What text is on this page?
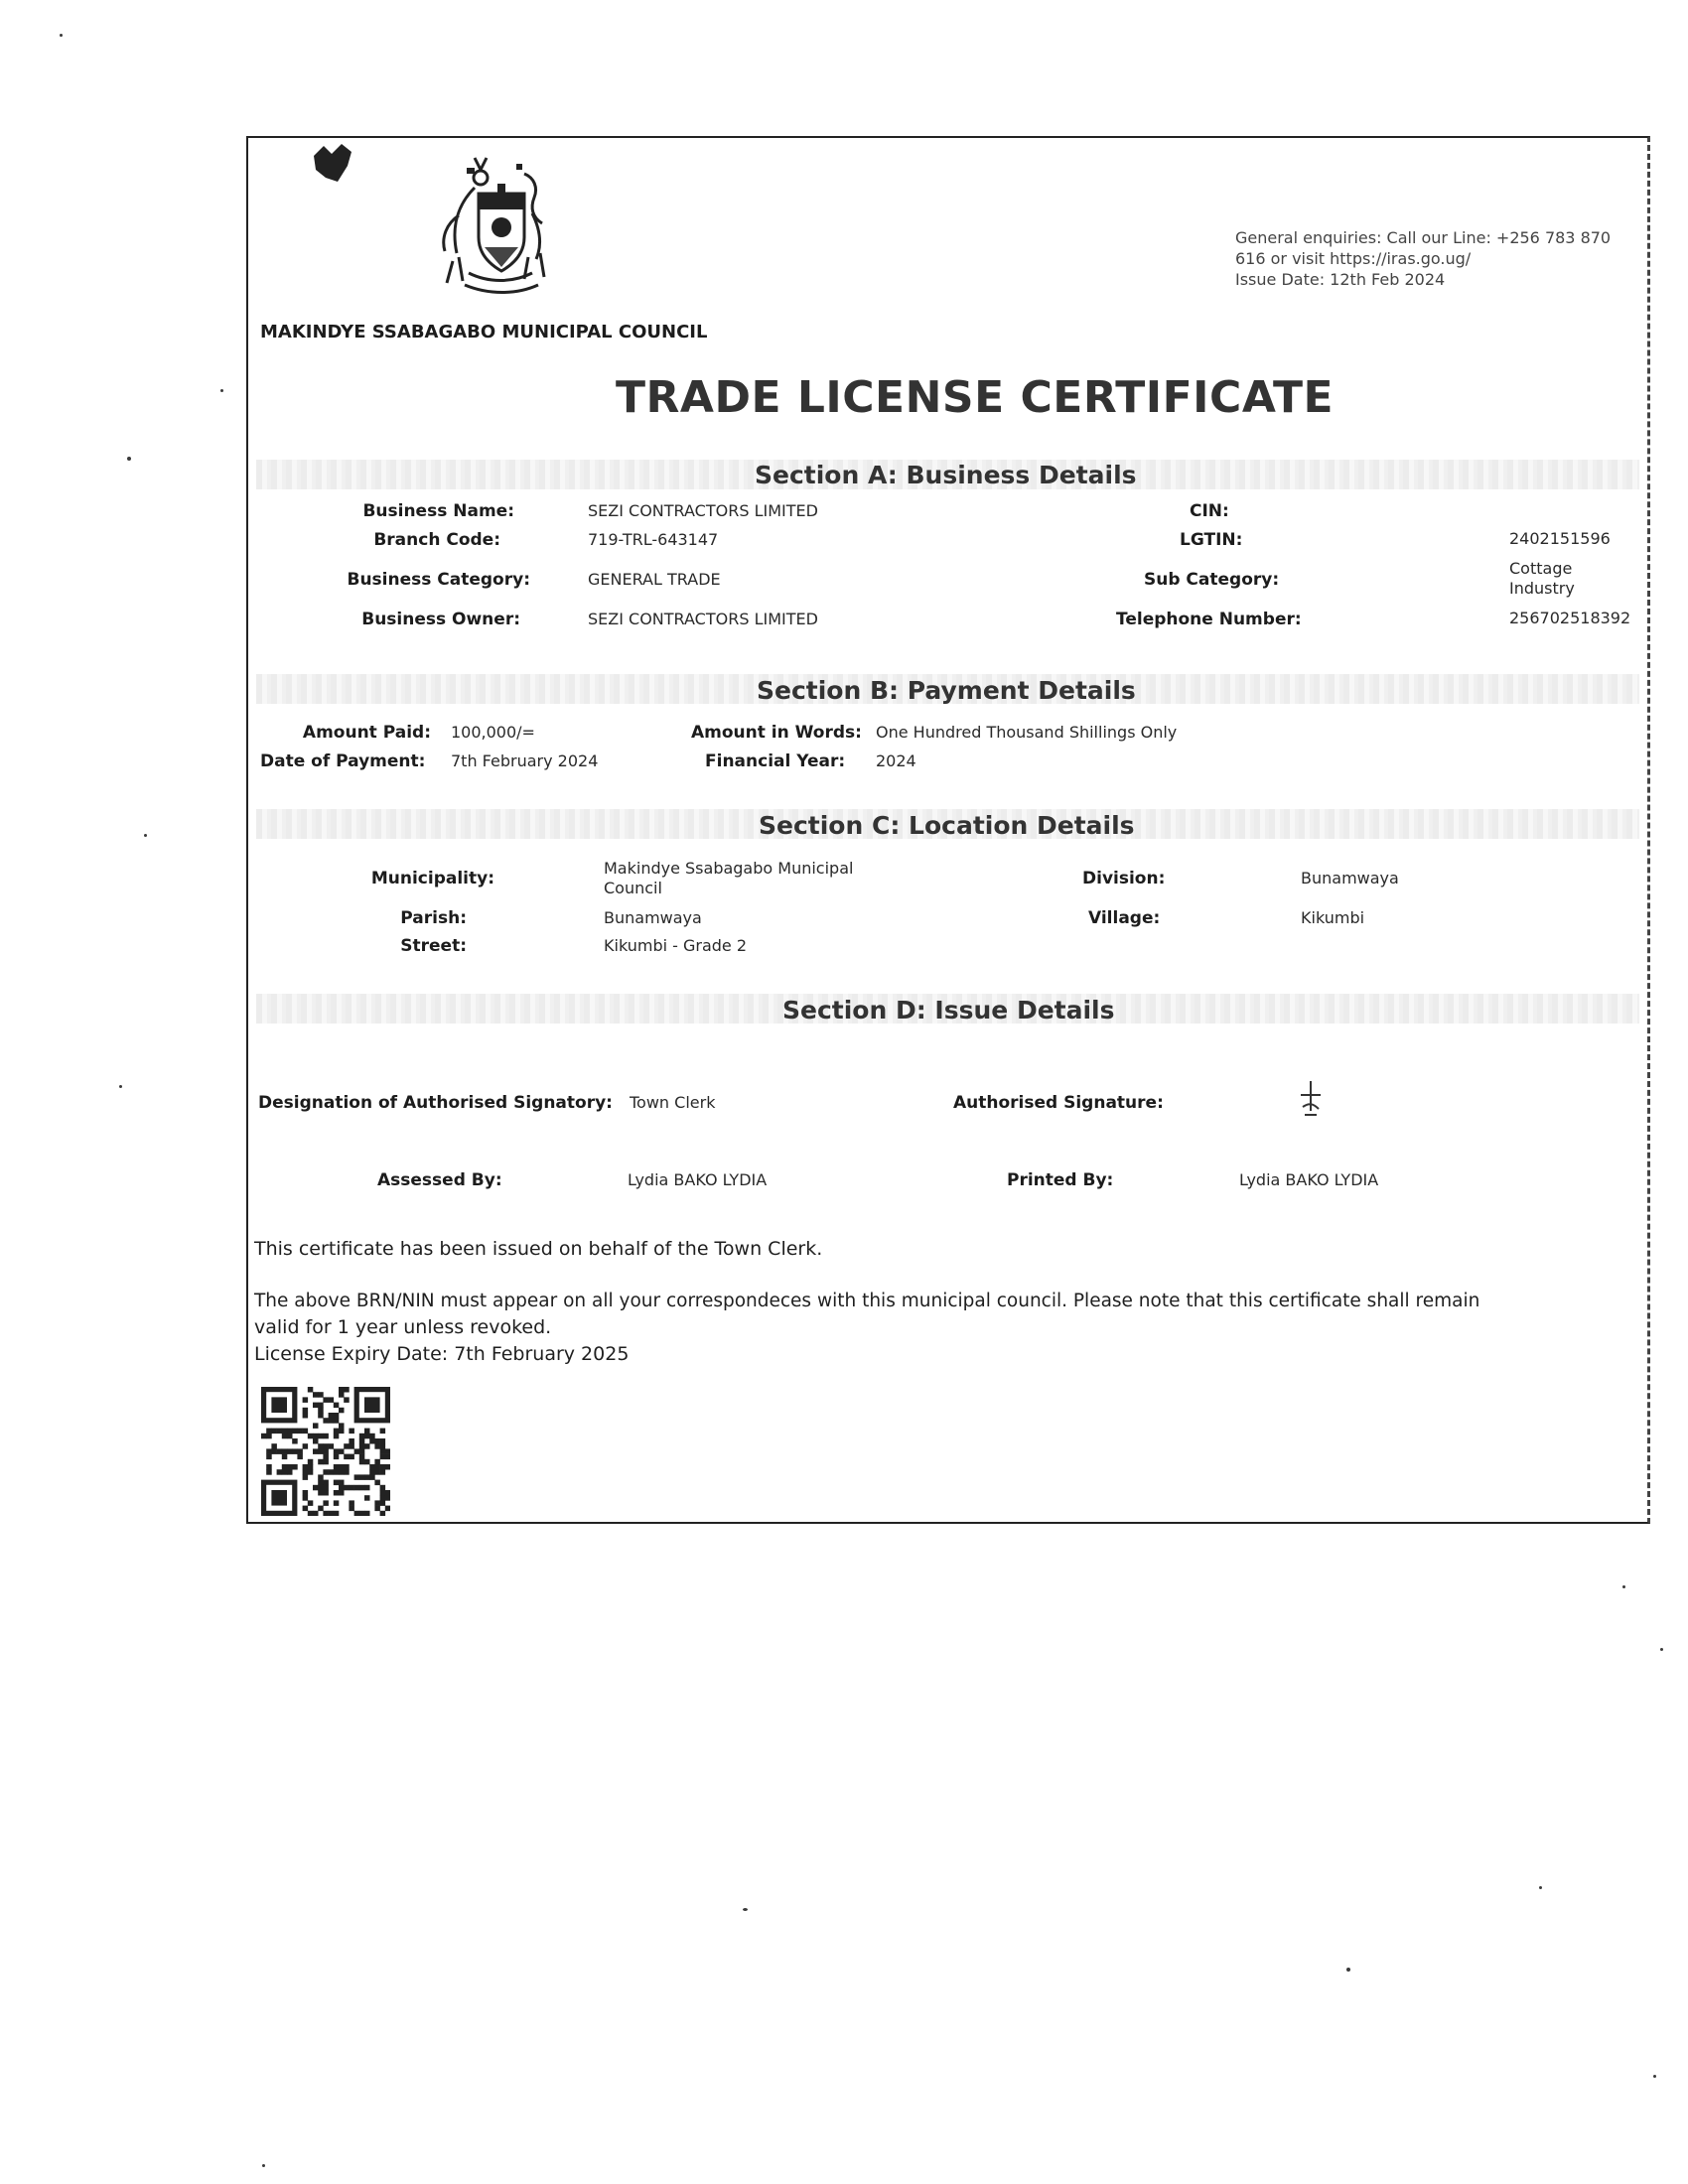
MAKINDYE SSABAGABO MUNICIPAL COUNCIL
General enquiries: Call our Line: +256 783 870
616 or visit https://iras.go.ug/
Issue Date: 12th Feb 2024
TRADE LICENSE CERTIFICATE
Section A: Business Details
Business Name:	SEZI CONTRACTORS LIMITED	CIN:
Branch Code:	719-TRL-643147	LGTIN:	2402151596
Business Category:	GENERAL TRADE	Sub Category:
Cottage
Industry
Business Owner:	SEZI CONTRACTORS LIMITED	Telephone Number:	256702518392
Section B: Payment Details
Amount Paid: 100,000/=	Amount in Words: One Hundred Thousand Shillings Only
Date of Payment: 7th February 2024	Financial Year: 2024
Section C: Location Details
Municipality:
Makindye Ssabagabo Municipal
Council	Division:	Bunamwaya
Parish:	Bunamwaya	Village:	Kikumbi
Street:	Kikumbi - Grade 2
Section D: Issue Details
Designation of Authorised Signatory: Town Clerk	Authorised Signature:
Assessed By:	Lydia BAKO LYDIA	Printed By:	Lydia BAKO LYDIA
This certificate has been issued on behalf of the Town Clerk.
The above BRN/NIN must appear on all your correspondeces with this municipal council. Please note that this certificate shall remain
valid for 1 year unless revoked.
License Expiry Date: 7th February 2025
